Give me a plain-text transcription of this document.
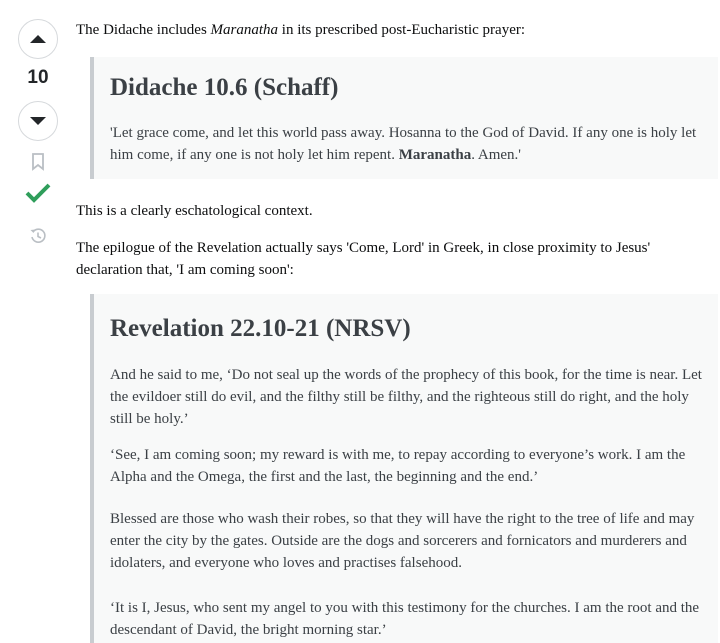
10

The Didache includes Maranatha in its prescribed post-Eucharistic prayer:

Didache 10.6 (Schaff)

'Let grace come, and let this world pass away. Hosanna to the God of David. If any one is holy let him come, if any one is not holy let him repent. Maranatha. Amen.'

This is a clearly eschatological context.

The epilogue of the Revelation actually says 'Come, Lord' in Greek, in close proximity to Jesus' declaration that, 'I am coming soon':

Revelation 22.10-21 (NRSV)

And he said to me, ‘Do not seal up the words of the prophecy of this book, for the time is near. Let the evildoer still do evil, and the filthy still be filthy, and the righteous still do right, and the holy still be holy.’

‘See, I am coming soon; my reward is with me, to repay according to everyone’s work. I am the Alpha and the Omega, the first and the last, the beginning and the end.’

Blessed are those who wash their robes, so that they will have the right to the tree of life and may enter the city by the gates. Outside are the dogs and sorcerers and fornicators and murderers and idolaters, and everyone who loves and practises falsehood.

‘It is I, Jesus, who sent my angel to you with this testimony for the churches. I am the root and the descendant of David, the bright morning star.’
